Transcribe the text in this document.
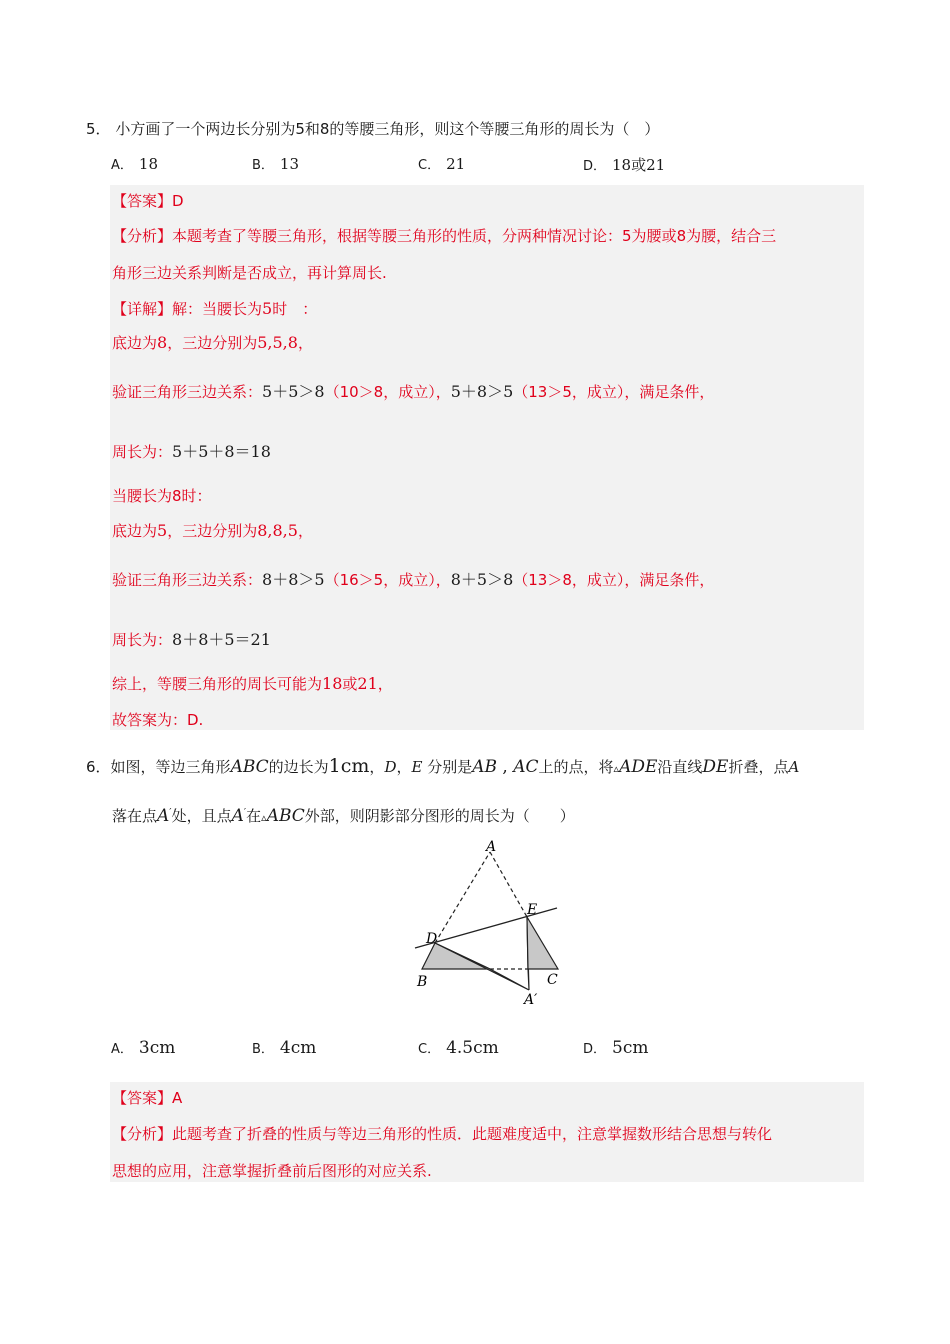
5． 小方画了一个两边长分别为5和8的等腰三角形，则这个等腰三角形的周长为（　）
A． 18	B． 13	C． 21	D． 18或21
【答案】D
【分析】本题考查了等腰三角形，根据等腰三角形的性质，分两种情况讨论：5为腰或8为腰，结合三
角形三边关系判断是否成立，再计算周长.
【详解】解：当腰长为5时　：
底边为8，三边分别为5,5,8，
验证三角形三边关系：5＋5＞8（10＞8，成立），5＋8＞5（13＞5，成立），满足条件，
周长为：5＋5＋8＝18
当腰长为8时：
底边为5，三边分别为8,8,5，
验证三角形三边关系：8＋8＞5（16＞5，成立），8＋5＞8（13＞8，成立），满足条件，
周长为：8＋8＋5＝21
综上，等腰三角形的周长可能为18或21，
故答案为：D.
6．如图，等边三角形ABC的边长为1cm，D，E 分别是AB , AC上的点，将▵ADE沿直线DE折叠，点A
落在点A′处，且点A′在▵ABC外部，则阴影部分图形的周长为（　　）
A
D
E
B	C
A′
A． 3cm	B． 4cm	C． 4.5cm	D． 5cm
【答案】A
【分析】此题考查了折叠的性质与等边三角形的性质．此题难度适中，注意掌握数形结合思想与转化
思想的应用，注意掌握折叠前后图形的对应关系.
